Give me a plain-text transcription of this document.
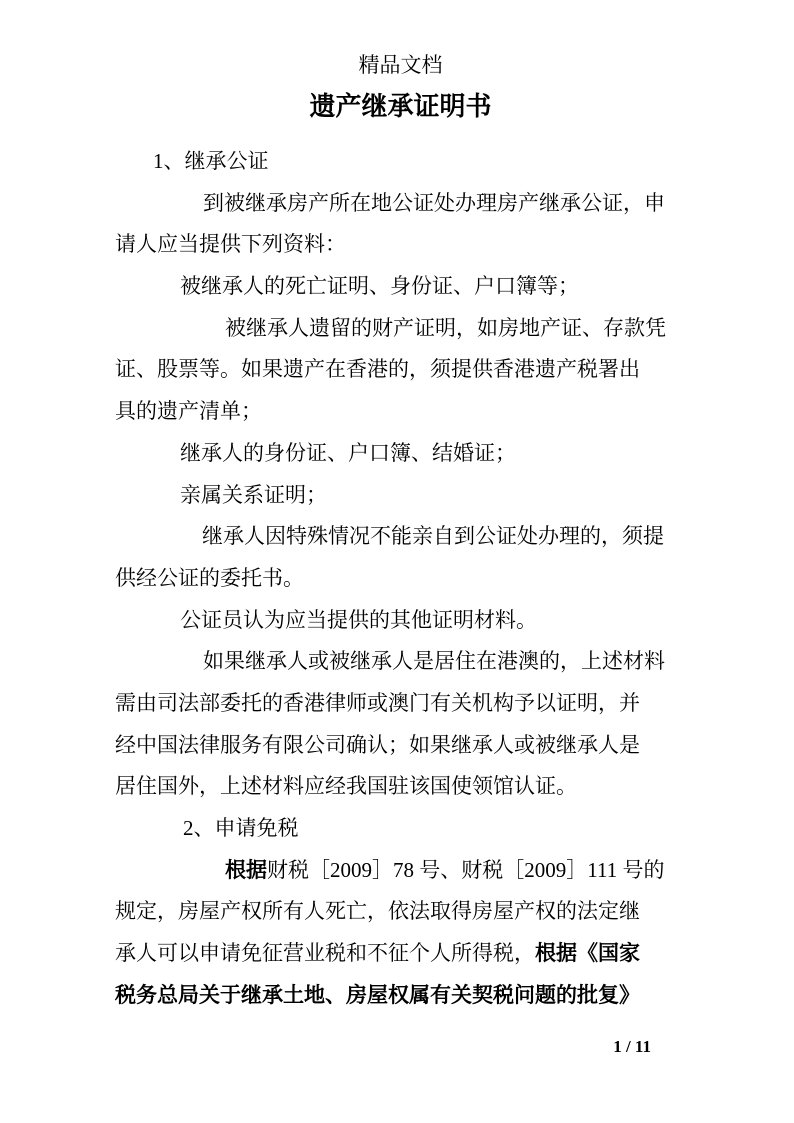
精品文档
遗产继承证明书
1、继承公证
到被继承房产所在地公证处办理房产继承公证，申
请人应当提供下列资料：
被继承人的死亡证明、身份证、户口簿等；
被继承人遗留的财产证明，如房地产证、存款凭
证、股票等。如果遗产在香港的，须提供香港遗产税署出
具的遗产清单；
继承人的身份证、户口簿、结婚证；
亲属关系证明；
继承人因特殊情况不能亲自到公证处办理的，须提
供经公证的委托书。
公证员认为应当提供的其他证明材料。
如果继承人或被继承人是居住在港澳的，上述材料
需由司法部委托的香港律师或澳门有关机构予以证明，并
经中国法律服务有限公司确认；如果继承人或被继承人是
居住国外，上述材料应经我国驻该国使领馆认证。
2、申请免税
根据财税［2009］78 号、财税［2009］111 号的
规定，房屋产权所有人死亡，依法取得房屋产权的法定继
承人可以申请免征营业税和不征个人所得税，根据《国家
税务总局关于继承土地、房屋权属有关契税问题的批复》
1 / 11
